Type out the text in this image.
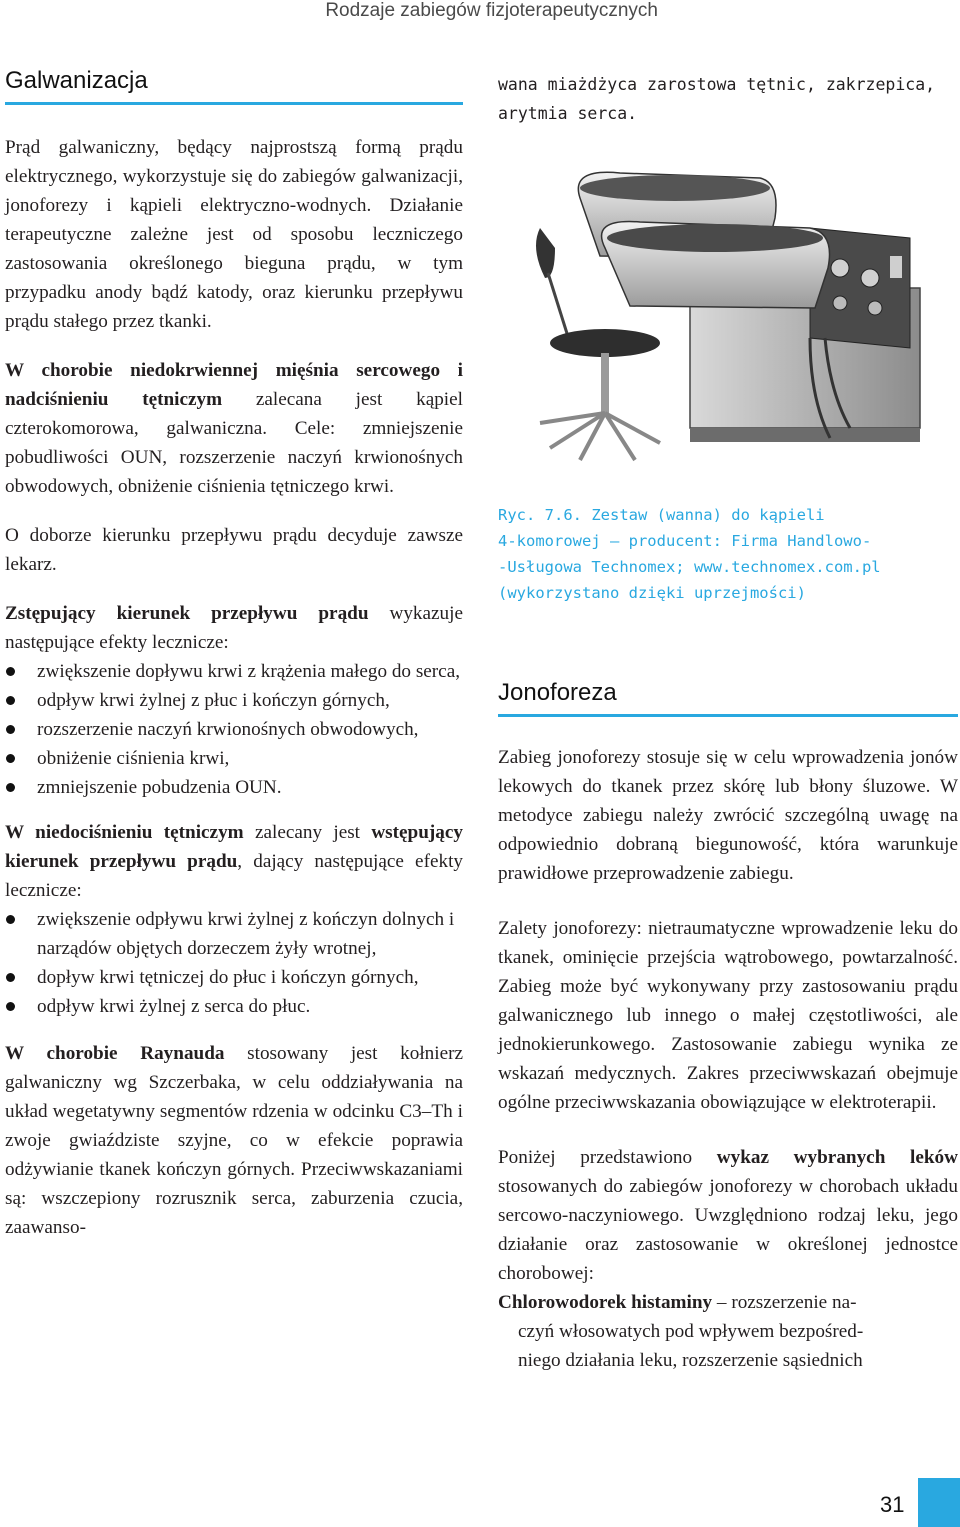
Rodzaje zabiegów fizjoterapeutycznych
Galwanizacja

Prąd galwaniczny, będący najprostszą formą prądu elektrycznego, wykorzystuje się do zabiegów galwanizacji, jonoforezy i kąpieli elektryczno-wodnych. Działanie terapeutyczne zależne jest od sposobu leczniczego zastosowania określonego bieguna prądu, w tym przypadku anody bądź katody, oraz kierunku przepływu prądu stałego przez tkanki.

W chorobie niedokrwiennej mięśnia sercowego i nadciśnieniu tętniczym zalecana jest kąpiel czterokomorowa, galwaniczna. Cele: zmniejszenie pobudliwości OUN, rozszerzenie naczyń krwionośnych obwodowych, obniżenie ciśnienia tętniczego krwi.

O doborze kierunku przepływu prądu decyduje zawsze lekarz.

Zstępujący kierunek przepływu prądu wykazuje następujące efekty lecznicze:

zwiększenie dopływu krwi z krążenia małego do serca,
odpływ krwi żylnej z płuc i kończyn górnych,
rozszerzenie naczyń krwionośnych obwodowych,
obniżenie ciśnienia krwi,
zmniejszenie pobudzenia OUN.

W niedociśnieniu tętniczym zalecany jest wstępujący kierunek przepływu prądu, dający następujące efekty lecznicze:

zwiększenie odpływu krwi żylnej z kończyn dolnych i narządów objętych dorzeczem żyły wrotnej,
dopływ krwi tętniczej do płuc i kończyn górnych,
odpływ krwi żylnej z serca do płuc.

W chorobie Raynauda stosowany jest kołnierz galwaniczny wg Szczerbaka, w celu oddziaływania na układ wegetatywny segmentów rdzenia w odcinku C3–Th i zwoje gwiaździste szyjne, co w efekcie poprawia odżywianie tkanek kończyn górnych. Przeciwwskazaniami są: wszczepiony rozrusznik serca, zaburzenia czucia, zaawanso-

wana miażdżyca zarostowa tętnic, zakrzepica, arytmia serca.

Ryc. 7.6. Zestaw (wanna) do kąpieli
4-komorowej – producent: Firma Handlowo-
-Usługowa Technomex; www.technomex.com.pl
(wykorzystano dzięki uprzejmości)
Jonoforeza

Zabieg jonoforezy stosuje się w celu wprowadzenia jonów lekowych do tkanek przez skórę lub błony śluzowe. W metodyce zabiegu należy zwrócić szczególną uwagę na odpowiednio dobraną biegunowość, która warunkuje prawidłowe przeprowadzenie zabiegu.

Zalety jonoforezy: nietraumatyczne wprowadzenie leku do tkanek, ominięcie przejścia wątrobowego, powtarzalność. Zabieg może być wykonywany przy zastosowaniu prądu galwanicznego lub innego o małej częstotliwości, ale jednokierunkowego. Zastosowanie zabiegu wynika ze wskazań medycznych. Zakres przeciwwskazań obejmuje ogólne przeciwwskazania obowiązujące w elektroterapii.

Poniżej przedstawiono wykaz wybranych leków stosowanych do zabiegów jonoforezy w chorobach układu sercowo-naczyniowego. Uwzględniono rodzaj leku, jego działanie oraz zastosowanie w określonej jednostce chorobowej:

Chlorowodorek histaminy – rozszerzenie na-
czyń włosowatych pod wpływem bezpośred-
niego działania leku, rozszerzenie sąsiednich
31
